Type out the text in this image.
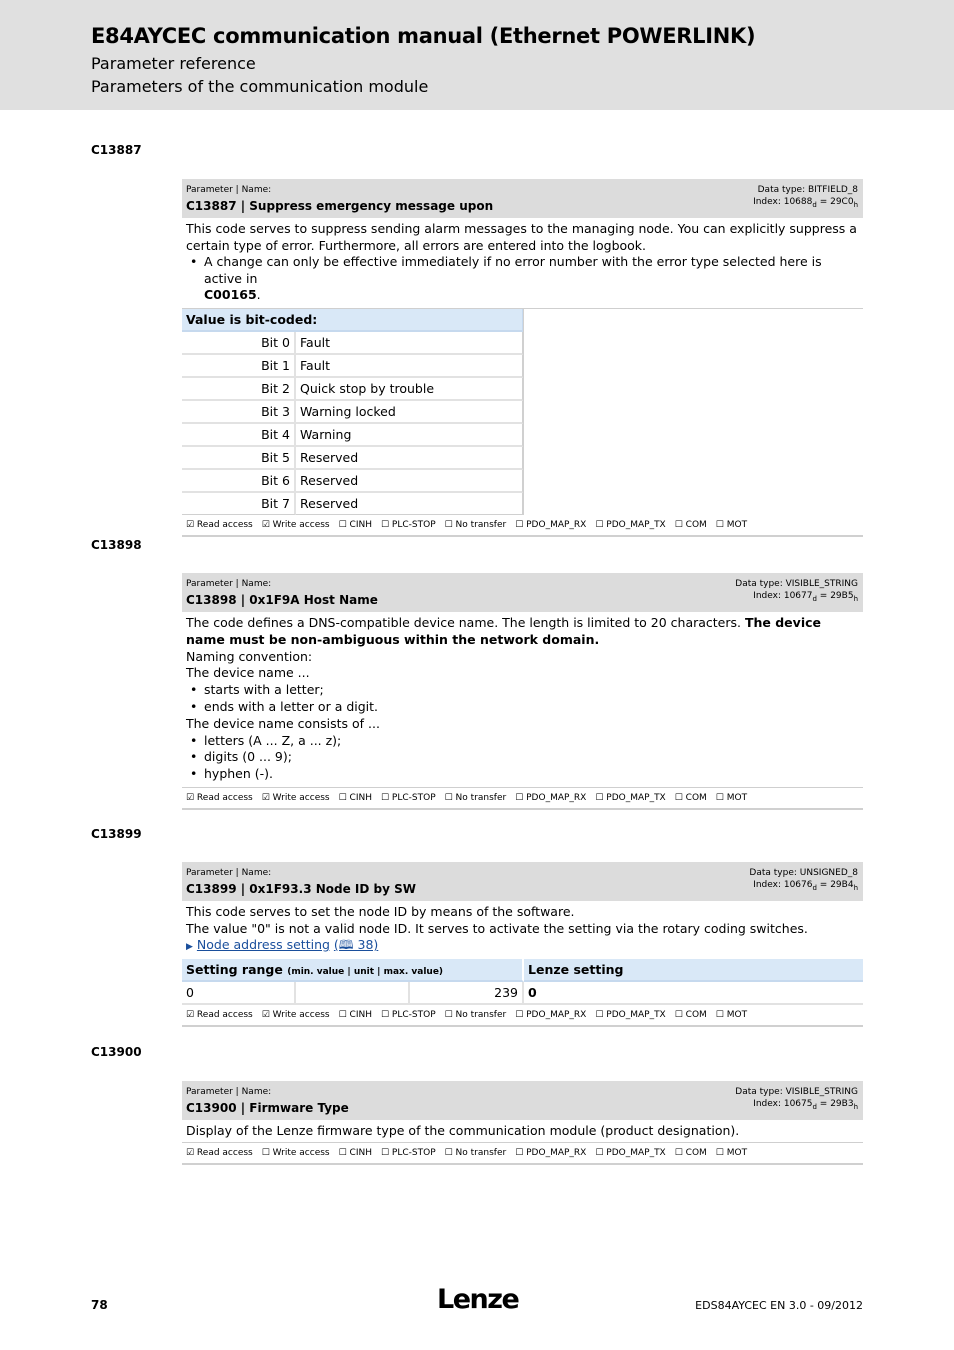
E84AYCEC communication manual (Ethernet POWERLINK)
Parameter reference
Parameters of the communication module
C13887
Parameter | Name:
C13887 | Suppress emergency message upon
Data type: BITFIELD_8
Index: $10688_d = 29C0_h$
This code serves to suppress sending alarm messages to the managing node. You can explicitly suppress a certain type of error. Furthermore, all errors are entered into the logbook.
• A change can only be effective immediately if no error number with the error type selected here is active in
C00165.
Value is bit-coded:		
Bit 0	Fault	
Bit 1	Fault	
Bit 2	Quick stop by trouble	
Bit 3	Warning locked	
Bit 4	Warning	
Bit 5	Reserved	
Bit 6	Reserved	
Bit 7	Reserved	
☑ Read access ☑ Write access ☐ CINH ☐ PLC-STOP ☐ No transfer ☐ PDO_MAP_RX ☐ PDO_MAP_TX ☐ COM ☐ MOT
C13898
Parameter | Name:
C13898 | 0x1F9A Host Name
Data type: VISIBLE_STRING
Index: $10677_d = 29B5_h$
The code defines a DNS-compatible device name. The length is limited to 20 characters. The device name must be non-ambiguous within the network domain.
Naming convention:
The device name ...
• starts with a letter;
• ends with a letter or a digit.
The device name consists of ...
• letters (A ... Z, a ... z);
• digits (0 ... 9);
• hyphen (-).
☑ Read access ☑ Write access ☐ CINH ☐ PLC-STOP ☐ No transfer ☐ PDO_MAP_RX ☐ PDO_MAP_TX ☐ COM ☐ MOT
C13899
Parameter | Name:
C13899 | 0x1F93.3 Node ID by SW
Data type: UNSIGNED_8
Index: $10676_d = 29B4_h$
This code serves to set the node ID by means of the software.
The value "0" is not a valid node ID. It serves to activate the setting via the rotary coding switches.
▶ Node address setting (🕮 38)
Setting range (min. value | unit | max. value)			Lenze setting
0		239	0
☑ Read access ☑ Write access ☐ CINH ☐ PLC-STOP ☐ No transfer ☐ PDO_MAP_RX ☐ PDO_MAP_TX ☐ COM ☐ MOT
C13900
Parameter | Name:
C13900 | Firmware Type
Data type: VISIBLE_STRING
Index: $10675_d = 29B3_h$
Display of the Lenze firmware type of the communication module (product designation).
☑ Read access ☐ Write access ☐ CINH ☐ PLC-STOP ☐ No transfer ☐ PDO_MAP_RX ☐ PDO_MAP_TX ☐ COM ☐ MOT
78	Lenze	EDS84AYCEC EN 3.0 - 09/2012
